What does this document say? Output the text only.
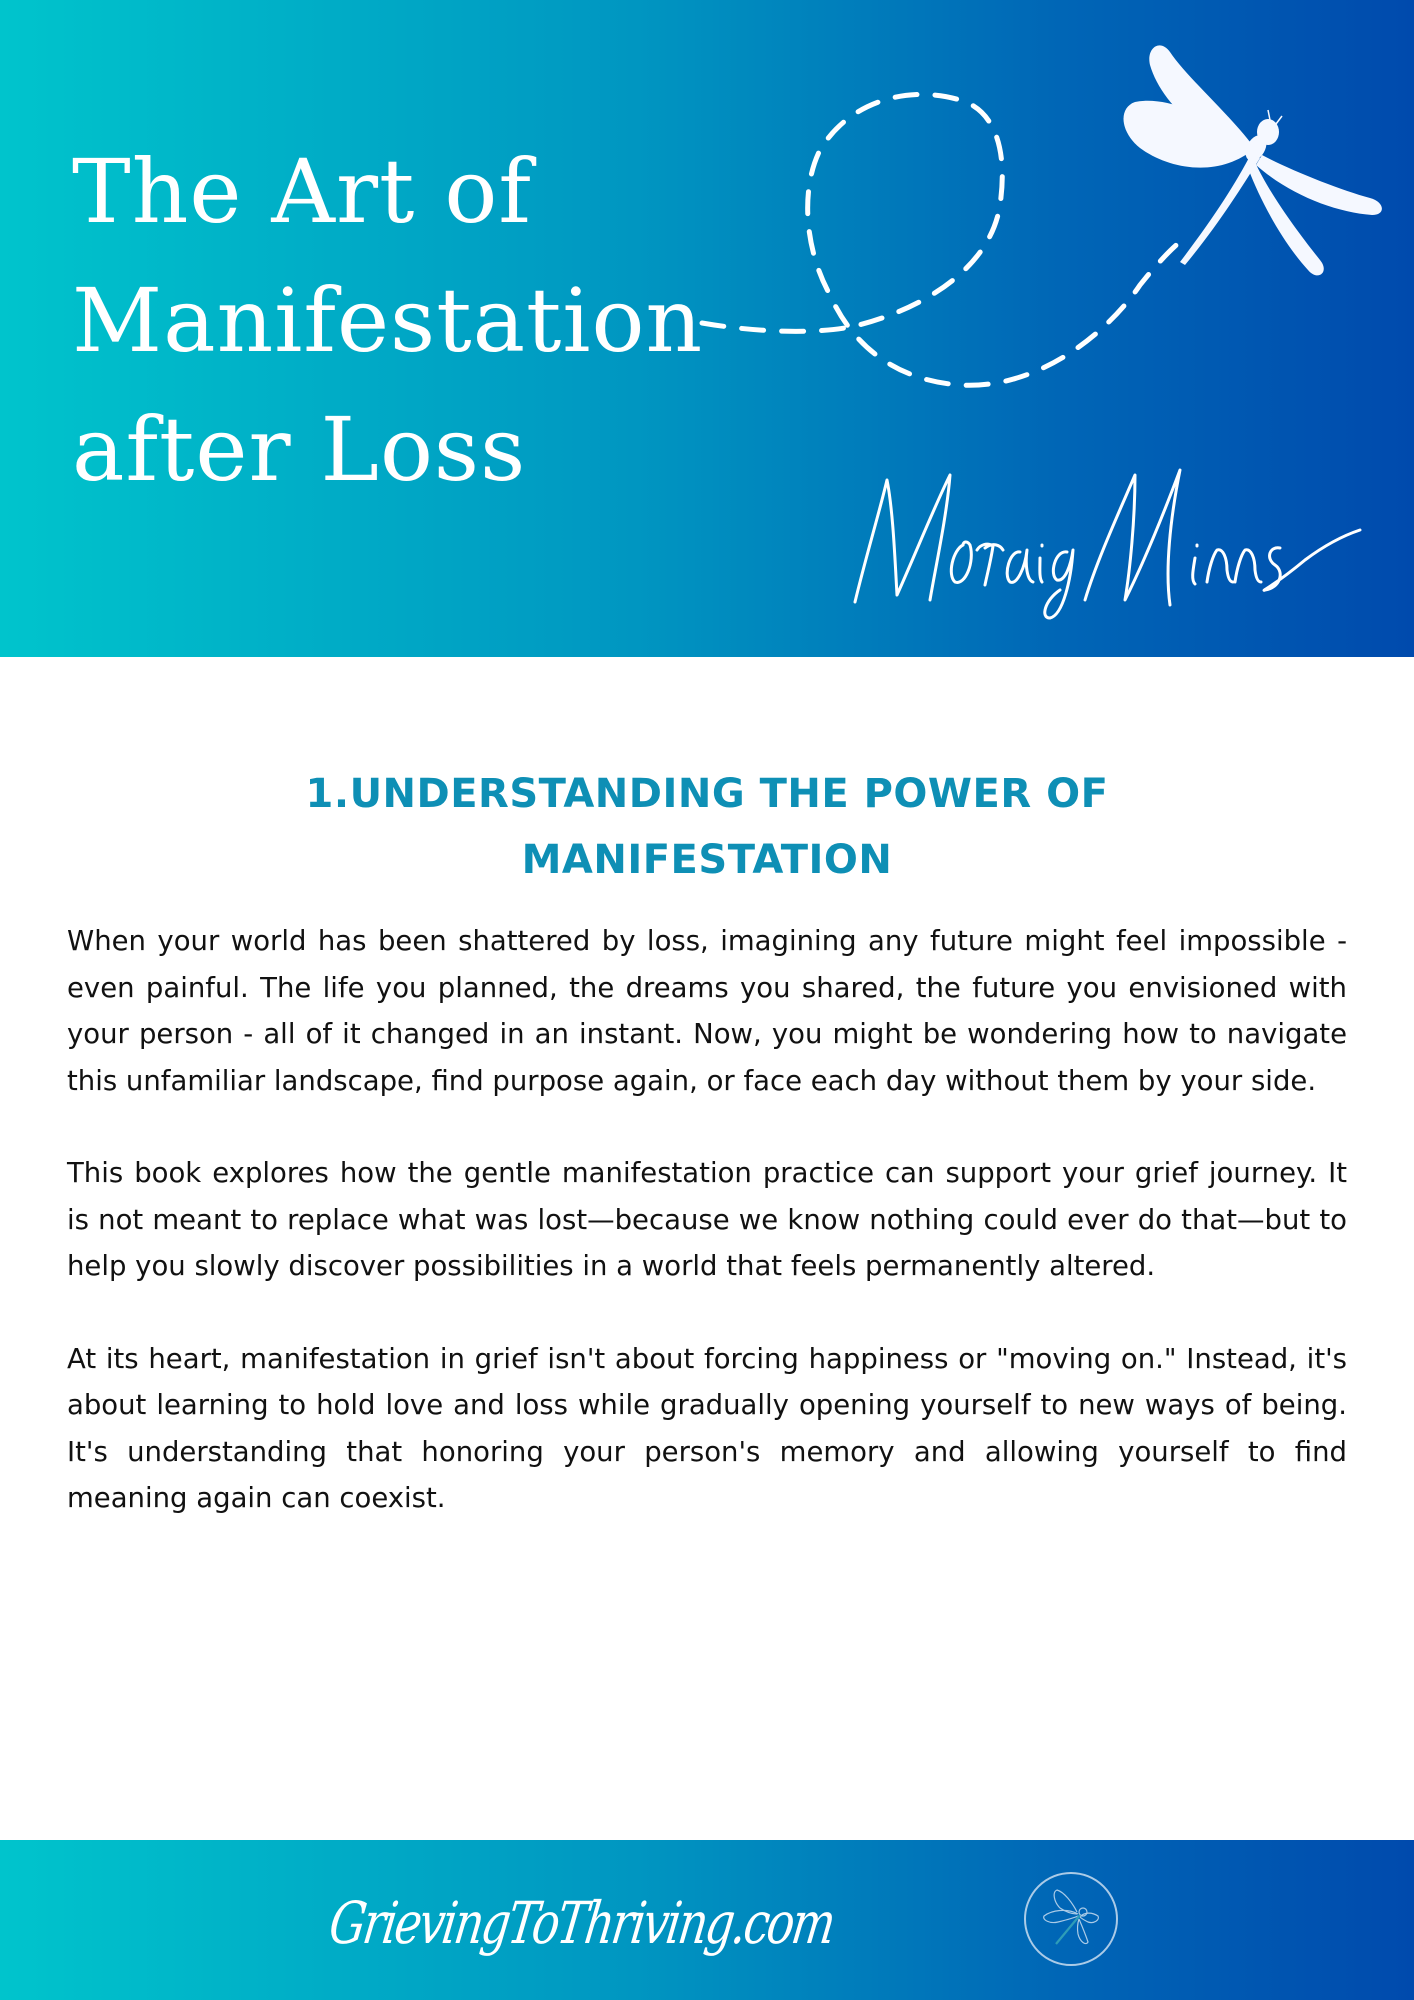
The Art of
Manifestation
after Loss
1.UNDERSTANDING THE POWER OF
MANIFESTATION

When your world has been shattered by loss, imagining any future might feel impossible - even painful. The life you planned, the dreams you shared, the future you envisioned with your person - all of it changed in an instant. Now, you might be wondering how to navigate this unfamiliar landscape, find purpose again, or face each day without them by your side.

This book explores how the gentle manifestation practice can support your grief journey. It is not meant to replace what was lost—because we know nothing could ever do that—but to help you slowly discover possibilities in a world that feels permanently altered.

At its heart, manifestation in grief isn't about forcing happiness or "moving on." Instead, it's about learning to hold love and loss while gradually opening yourself to new ways of being. It's understanding that honoring your person's memory and allowing yourself to find meaning again can coexist.

GrievingToThriving.com
